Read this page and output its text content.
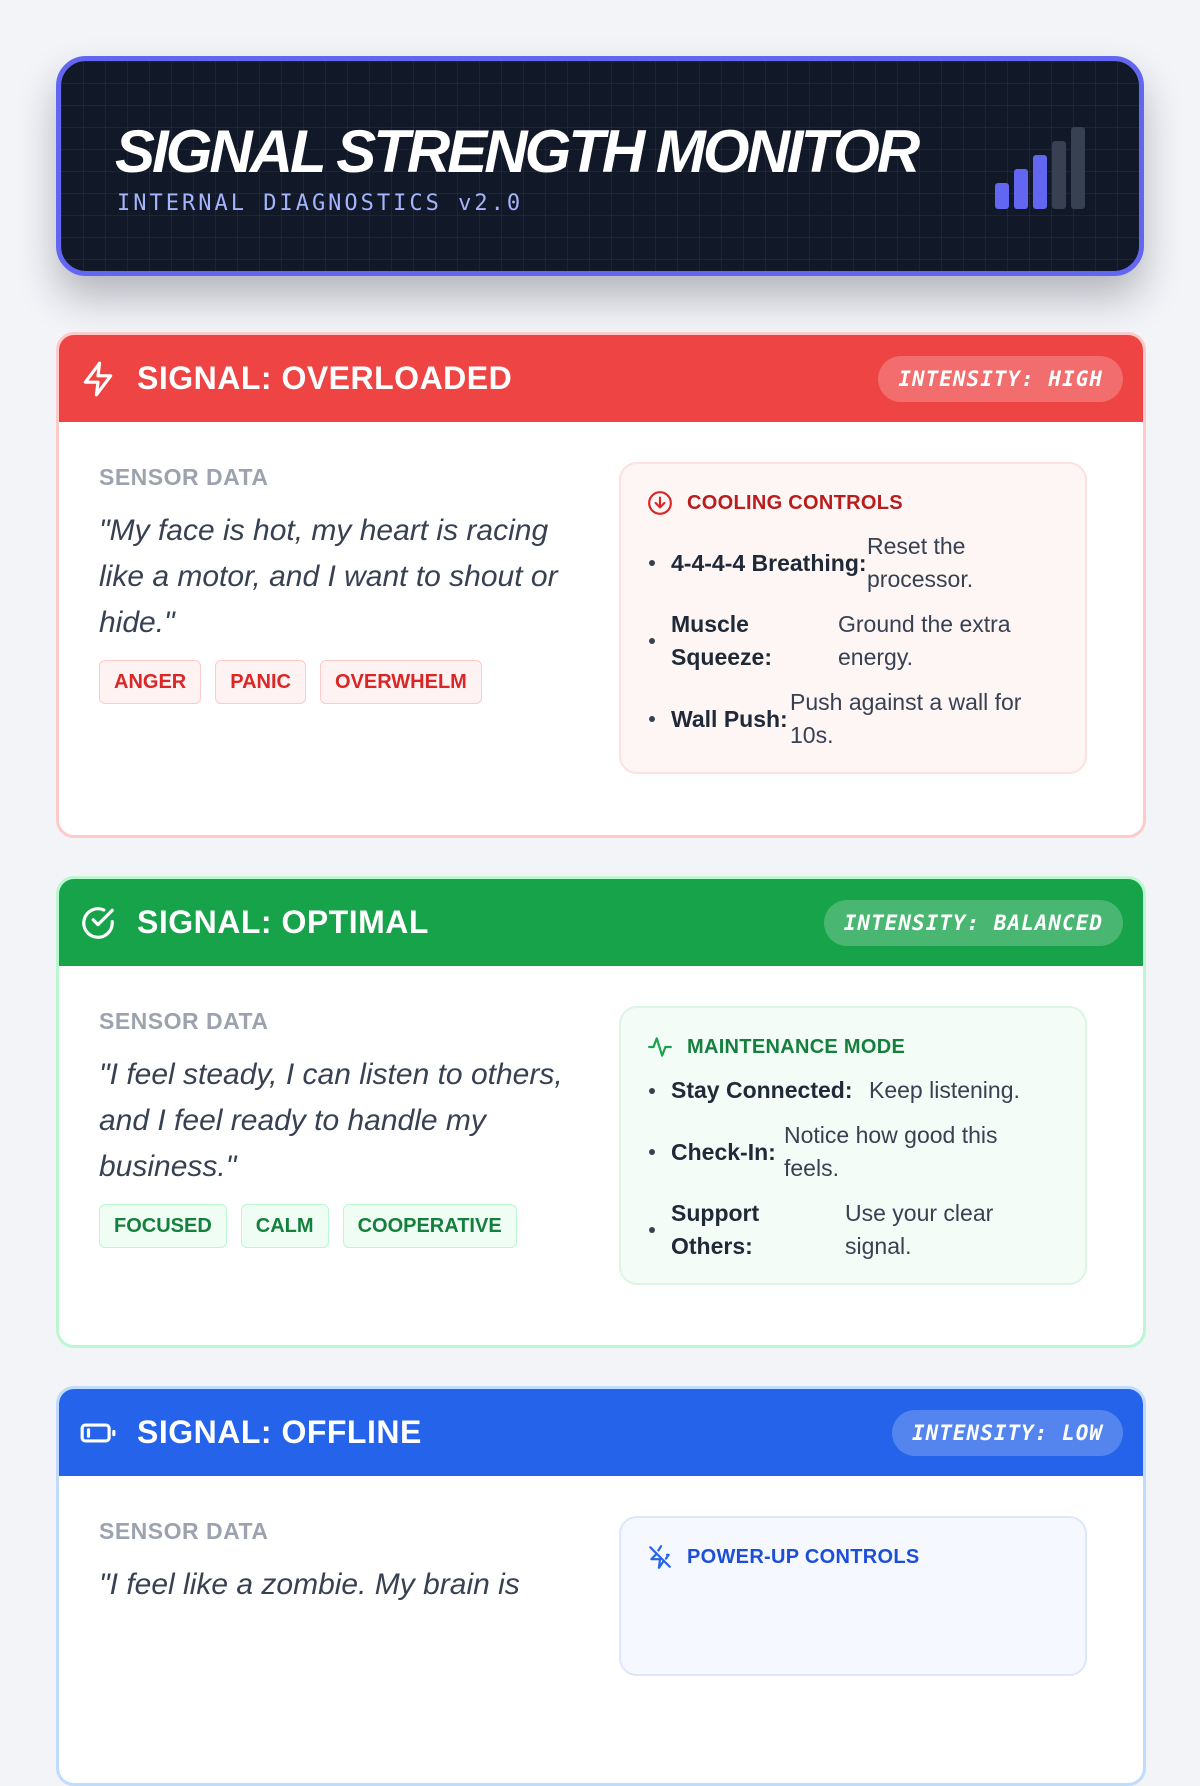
SIGNAL STRENGTH MONITOR
INTERNAL DIAGNOSTICS v2.0
SIGNAL: OVERLOADED	INTENSITY: HIGH
SENSOR DATA
"My face is hot, my heart is racing like a motor, and I want to shout or hide."
ANGER	PANIC	OVERWHELM
COOLING CONTROLS
4-4-4-4 Breathing:
Reset the processor.
Muscle Squeeze:
Ground the extra energy.
Wall Push:
Push against a wall for 10s.
SIGNAL: OPTIMAL	INTENSITY: BALANCED
SENSOR DATA
"I feel steady, I can listen to others, and I feel ready to handle my business."
FOCUSED	CALM	COOPERATIVE
MAINTENANCE MODE
Stay Connected: Keep listening.
Check-In:
Notice how good this feels.
Support Others:
Use your clear signal.
SIGNAL: OFFLINE	INTENSITY: LOW
SENSOR DATA
"I feel like a zombie. My brain is
POWER-UP CONTROLS
